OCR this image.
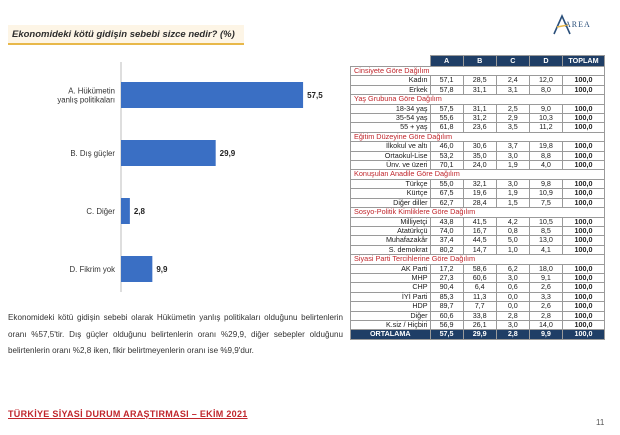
Ekonomideki kötü gidişin sebebi sizce nedir? (%)
AREA
A. Hükümetin yanlış politikaları	57,5
B. Dış güçler	29,9
C. Diğer 2,8
D. Fikrim yok	9,9
Ekonomideki kötü gidişin sebebi olarak Hükümetin yanlış politikaları olduğunu belirtenlerin oranı %57,5'tir. Dış güçler olduğunu belirtenlerin oranı %29,9, diğer sebepler olduğunu belirtenlerin oranı %2,8 iken, fikir belirtmeyenlerin oranı ise %9,9'dur.
	A	B	C	D	TOPLAM
Cinsiyete Göre Dağılım					
Kadın	57,1	28,5	2,4	12,0	100,0
Erkek	57,8	31,1	3,1	8,0	100,0
Yaş Grubuna Göre Dağılım					
18-34 yaş	57,5	31,1	2,5	9,0	100,0
35-54 yaş	55,6	31,2	2,9	10,3	100,0
55 + yaş	61,8	23,6	3,5	11,2	100,0
Eğitim Düzeyine Göre Dağılım					
İlkokul ve altı	46,0	30,6	3,7	19,8	100,0
Ortaokul-Lise	53,2	35,0	3,0	8,8	100,0
Ünv. ve üzeri	70,1	24,0	1,9	4,0	100,0
Konuşulan Anadile Göre Dağılım					
Türkçe	55,0	32,1	3,0	9,8	100,0
Kürtçe	67,5	19,6	1,9	10,9	100,0
Diğer diller	62,7	28,4	1,5	7,5	100,0
Sosyo-Politik Kimliklere Göre Dağılım					
Milliyetçi	43,8	41,5	4,2	10,5	100,0
Atatürkçü	74,0	16,7	0,8	8,5	100,0
Muhafazakâr	37,4	44,5	5,0	13,0	100,0
S. demokrat	80,2	14,7	1,0	4,1	100,0
Siyasi Parti Tercihlerine Göre Dağılım					
AK Parti	17,2	58,6	6,2	18,0	100,0
MHP	27,3	60,6	3,0	9,1	100,0
CHP	90,4	6,4	0,6	2,6	100,0
İYİ Parti	85,3	11,3	0,0	3,3	100,0
HDP	89,7	7,7	0,0	2,6	100,0
Diğer	60,6	33,8	2,8	2,8	100,0
K.siz / Hiçbiri	56,9	26,1	3,0	14,0	100,0
ORTALAMA	57,5	29,9	2,8	9,9	100,0
TÜRKİYE SİYASİ DURUM ARAŞTIRMASI – EKİM 2021
11
